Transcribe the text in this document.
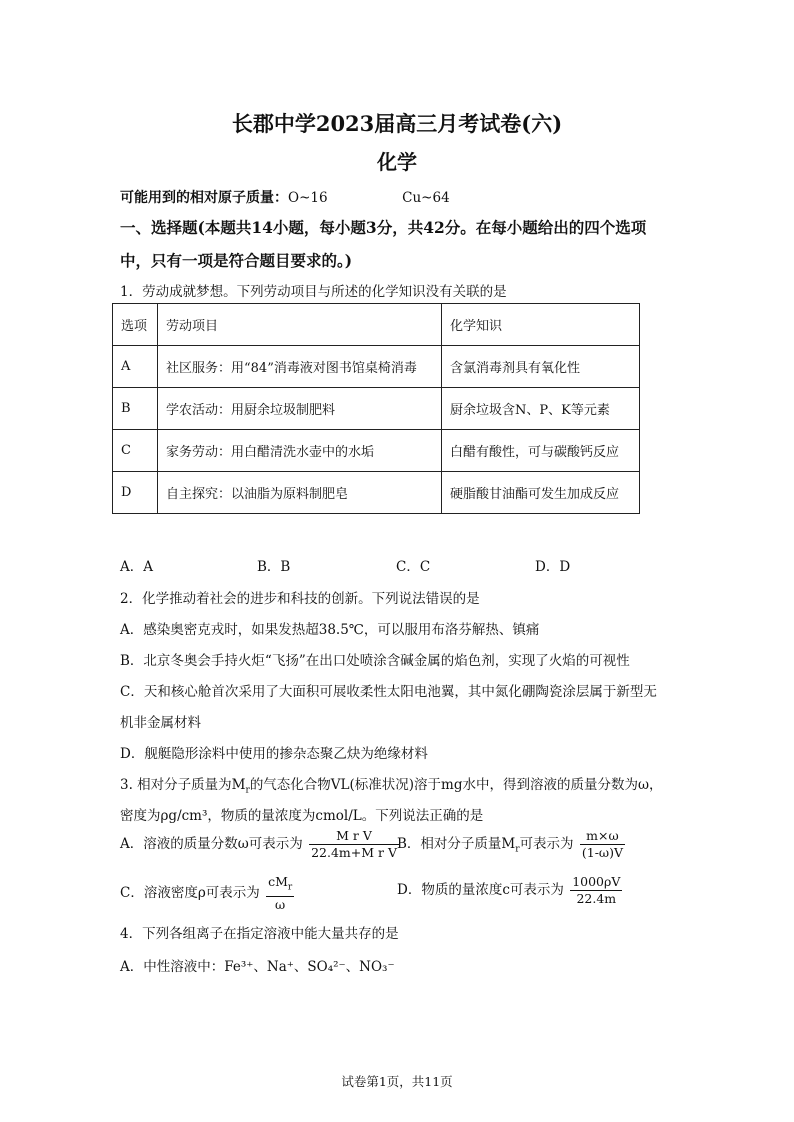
长郡中学2023届高三月考试卷(六)
化学
可能用到的相对原子质量：O~16	Cu~64
一、选择题(本题共14小题，每小题3分，共42分。在每小题给出的四个选项
中，只有一项是符合题目要求的。)
1．劳动成就梦想。下列劳动项目与所述的化学知识没有关联的是
选项	劳动项目	化学知识
A	社区服务：用“84”消毒液对图书馆桌椅消毒	含氯消毒剂具有氧化性
B	学农活动：用厨余垃圾制肥料	厨余垃圾含N、P、K等元素
C	家务劳动：用白醋清洗水壶中的水垢	白醋有酸性，可与碳酸钙反应
D	自主探究：以油脂为原料制肥皂	硬脂酸甘油酯可发生加成反应
A．A	B．B	C．C	D．D
2．化学推动着社会的进步和科技的创新。下列说法错误的是
A．感染奥密克戎时，如果发热超38.5℃，可以服用布洛芬解热、镇痛
B．北京冬奥会手持火炬“飞扬”在出口处喷涂含碱金属的焰色剂，实现了火焰的可视性
C．天和核心舱首次采用了大面积可展收柔性太阳电池翼，其中氮化硼陶瓷涂层属于新型无
机非金属材料
D．舰艇隐形涂料中使用的掺杂态聚乙炔为绝缘材料
3. 相对分子质量为$M_r$的气态化合物VL(标准状况)溶于mg水中，得到溶液的质量分数为ω，
密度为ρg/cm³，物质的量浓度为cmol/L。下列说法正确的是
A．溶液的质量分数ω可表示为 $\frac{\text{M r V}}{\text{22.4m+M r V}}$
B．相对分子质量$M_r$可表示为 $\frac{m\times\omega}{(1-\omega)V}$
C．溶液密度ρ可表示为 $\frac{cM_r}{\omega}$	D．物质的量浓度c可表示为 $\frac{1000\rho V}{22.4m}$
4．下列各组离子在指定溶液中能大量共存的是
A．中性溶液中：Fe³⁺、Na⁺、SO₄²⁻、NO₃⁻
试卷第1页，共11页
